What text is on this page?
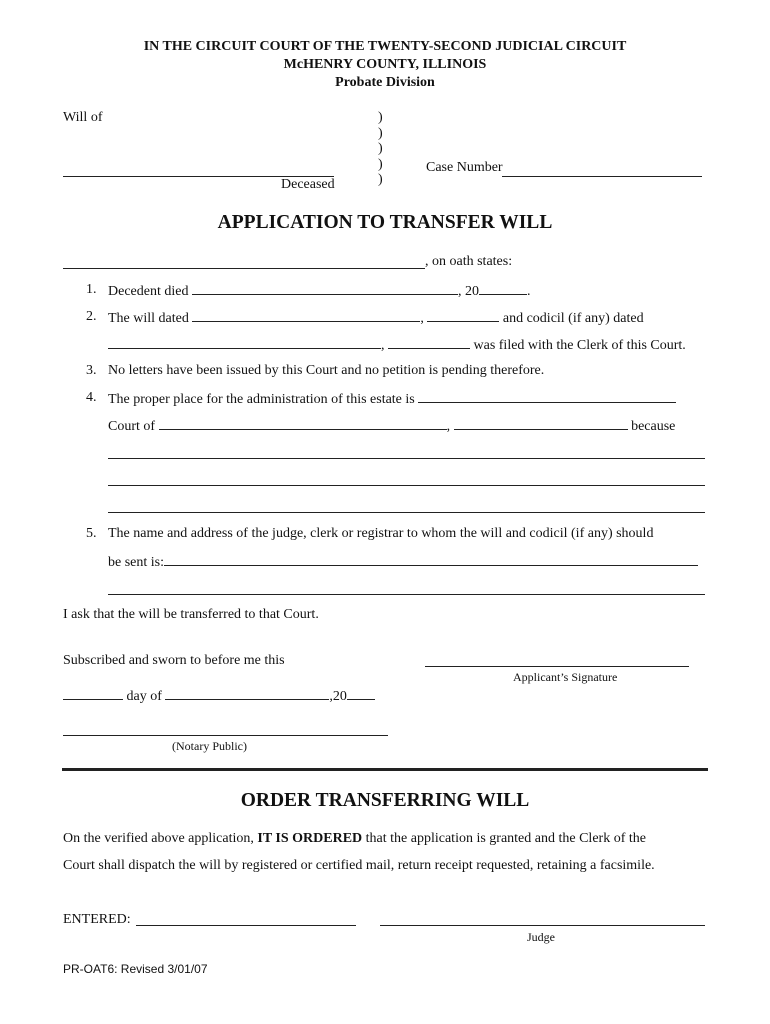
IN THE CIRCUIT COURT OF THE TWENTY-SECOND JUDICIAL CIRCUIT
McHENRY COUNTY, ILLINOIS
Probate Division
Will of	)
)
)
)
)
Deceased
Case Number
APPLICATION TO TRANSFER WILL
, on oath states:
1. Decedent died	, 20	.
2. The will dated	,	and codicil (if any) dated
,	was filed with the Clerk of this Court.
3. No letters have been issued by this Court and no petition is pending therefore.
4. The proper place for the administration of this estate is
Court of	,	because
5. The name and address of the judge, clerk or registrar to whom the will and codicil (if any) should
be sent is:
I ask that the will be transferred to that Court.
Subscribed and sworn to before me this
Applicant’s Signature
day of	,20
(Notary Public)
ORDER TRANSFERRING WILL
On the verified above application, IT IS ORDERED that the application is granted and the Clerk of the
Court shall dispatch the will by registered or certified mail, return receipt requested, retaining a facsimile.
ENTERED:
Judge
PR-OAT6: Revised 3/01/07
